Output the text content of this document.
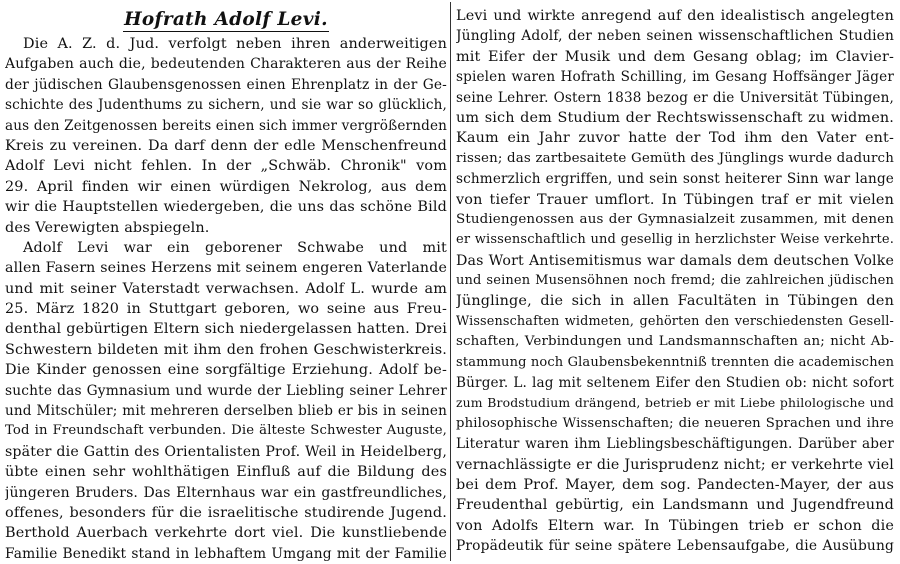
Hofrath Adolf Levi.
Die A. Z. d. Jud. verfolgt neben ihren anderweitigen
Aufgaben auch die, bedeutenden Charakteren aus der Reihe
der jüdischen Glaubensgenossen einen Ehrenplatz in der Ge-
schichte des Judenthums zu sichern, und sie war so glücklich,
aus den Zeitgenossen bereits einen sich immer vergrößernden
Kreis zu vereinen. Da darf denn der edle Menschenfreund
Adolf Levi nicht fehlen. In der „Schwäb. Chronik" vom
29. April finden wir einen würdigen Nekrolog, aus dem
wir die Hauptstellen wiedergeben, die uns das schöne Bild
des Verewigten abspiegeln.
Adolf Levi war ein geborener Schwabe und mit
allen Fasern seines Herzens mit seinem engeren Vaterlande
und mit seiner Vaterstadt verwachsen. Adolf L. wurde am
25. März 1820 in Stuttgart geboren, wo seine aus Freu-
denthal gebürtigen Eltern sich niedergelassen hatten. Drei
Schwestern bildeten mit ihm den frohen Geschwisterkreis.
Die Kinder genossen eine sorgfältige Erziehung. Adolf be-
suchte das Gymnasium und wurde der Liebling seiner Lehrer
und Mitschüler; mit mehreren derselben blieb er bis in seinen
Tod in Freundschaft verbunden. Die älteste Schwester Auguste,
später die Gattin des Orientalisten Prof. Weil in Heidelberg,
übte einen sehr wohlthätigen Einfluß auf die Bildung des
jüngeren Bruders. Das Elternhaus war ein gastfreundliches,
offenes, besonders für die israelitische studirende Jugend.
Berthold Auerbach verkehrte dort viel. Die kunstliebende
Familie Benedikt stand in lebhaftem Umgang mit der Familie
Levi und wirkte anregend auf den idealistisch angelegten
Jüngling Adolf, der neben seinen wissenschaftlichen Studien
mit Eifer der Musik und dem Gesang oblag; im Clavier-
spielen waren Hofrath Schilling, im Gesang Hoffsänger Jäger
seine Lehrer. Ostern 1838 bezog er die Universität Tübingen,
um sich dem Studium der Rechtswissenschaft zu widmen.
Kaum ein Jahr zuvor hatte der Tod ihm den Vater ent-
rissen; das zartbesaitete Gemüth des Jünglings wurde dadurch
schmerzlich ergriffen, und sein sonst heiterer Sinn war lange
von tiefer Trauer umflort. In Tübingen traf er mit vielen
Studiengenossen aus der Gymnasialzeit zusammen, mit denen
er wissenschaftlich und gesellig in herzlichster Weise verkehrte.
Das Wort Antisemitismus war damals dem deutschen Volke
und seinen Musensöhnen noch fremd; die zahlreichen jüdischen
Jünglinge, die sich in allen Facultäten in Tübingen den
Wissenschaften widmeten, gehörten den verschiedensten Gesell-
schaften, Verbindungen und Landsmannschaften an; nicht Ab-
stammung noch Glaubensbekenntniß trennten die academischen
Bürger. L. lag mit seltenem Eifer den Studien ob: nicht sofort
zum Brodstudium drängend, betrieb er mit Liebe philologische und
philosophische Wissenschaften; die neueren Sprachen und ihre
Literatur waren ihm Lieblingsbeschäftigungen. Darüber aber
vernachlässigte er die Jurisprudenz nicht; er verkehrte viel
bei dem Prof. Mayer, dem sog. Pandecten-Mayer, der aus
Freudenthal gebürtig, ein Landsmann und Jugendfreund
von Adolfs Eltern war. In Tübingen trieb er schon die
Propädeutik für seine spätere Lebensaufgabe, die Ausübung
